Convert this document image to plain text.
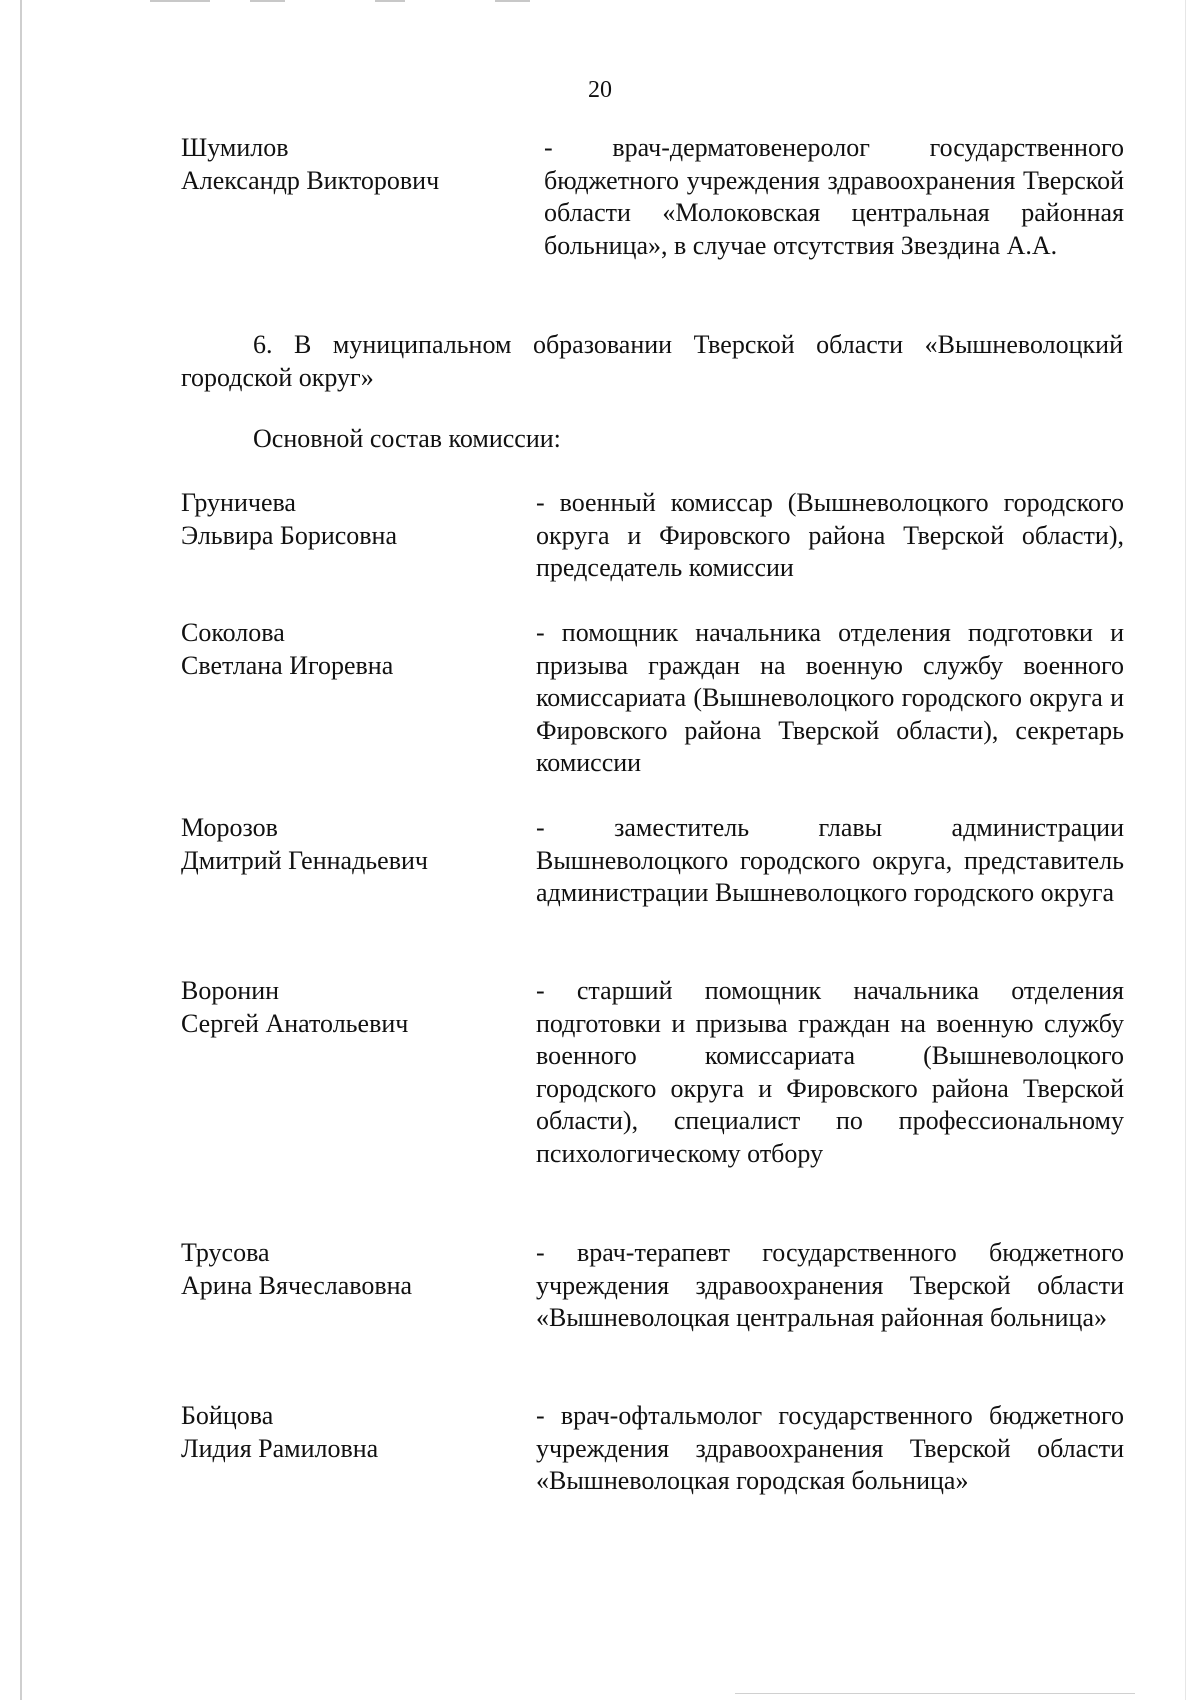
20
Шумилов
Александр Викторович
- врач-дерматовенеролог государственного бюджетного учреждения здравоохранения Тверской области «Молоковская центральная районная больница», в случае отсутствия Звездина А.А.
6. В муниципальном образовании Тверской области «Вышневолоцкий городской округ»
Основной состав комиссии:
Груничева
Эльвира Борисовна
- военный комиссар (Вышневолоцкого городского округа и Фировского района Тверской области), председатель комиссии
Соколова
Светлана Игоревна
- помощник начальника отделения подготовки и призыва граждан на военную службу военного комиссариата (Вышневолоцкого городского округа и Фировского района Тверской области), секретарь комиссии
Морозов
Дмитрий Геннадьевич
- заместитель главы администрации Вышневолоцкого городского округа, представитель администрации Вышневолоцкого городского округа
Воронин
Сергей Анатольевич
- старший помощник начальника отделения подготовки и призыва граждан на военную службу военного комиссариата (Вышневолоцкого городского округа и Фировского района Тверской области), специалист по профессиональному психологическому отбору
Трусова
Арина Вячеславовна
- врач-терапевт государственного бюджетного учреждения здравоохранения Тверской области «Вышневолоцкая центральная районная больница»
Бойцова
Лидия Рамиловна
- врач-офтальмолог государственного бюджетного учреждения здравоохранения Тверской области «Вышневолоцкая городская больница»
